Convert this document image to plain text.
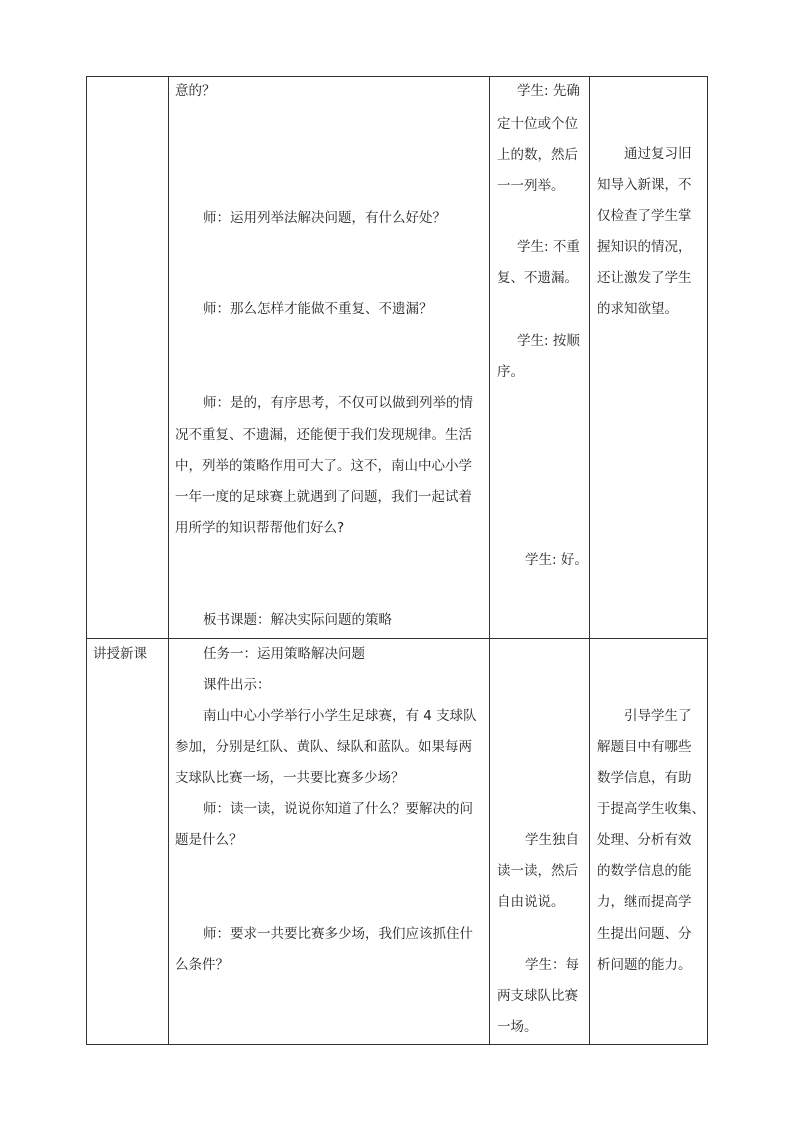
意的？
师：运用列举法解决问题，有什么好处？
师：那么怎样才能做不重复、不遗漏？
师：是的，有序思考，不仅可以做到列举的情
况不重复、不遗漏，还能便于我们发现规律。生活
中，列举的策略作用可大了。这不，南山中心小学
一年一度的足球赛上就遇到了问题，我们一起试着
用所学的知识帮帮他们好么?
板书课题：解决实际问题的策略
学生: 先确
定十位或个位
上的数，然后
一一列举。
学生: 不重
复、不遗漏。
学生: 按顺
序。
学生: 好。
通过复习旧
知导入新课，不
仅检查了学生掌
握知识的情况，
还让激发了学生
的求知欲望。
讲授新课	任务一：运用策略解决问题
课件出示：
南山中心小学举行小学生足球赛，有 4 支球队
参加，分别是红队、黄队、绿队和蓝队。如果每两
支球队比赛一场，一共要比赛多少场？
师：读一读，说说你知道了什么？要解决的问
题是什么？
师：要求一共要比赛多少场，我们应该抓住什
么条件？
学生独自
读一读，然后
自由说说。
学生：每
两支球队比赛
一场。
引导学生了
解题目中有哪些
数学信息，有助
于提高学生收集、
处理、分析有效
的数学信息的能
力，继而提高学
生提出问题、分
析问题的能力。
